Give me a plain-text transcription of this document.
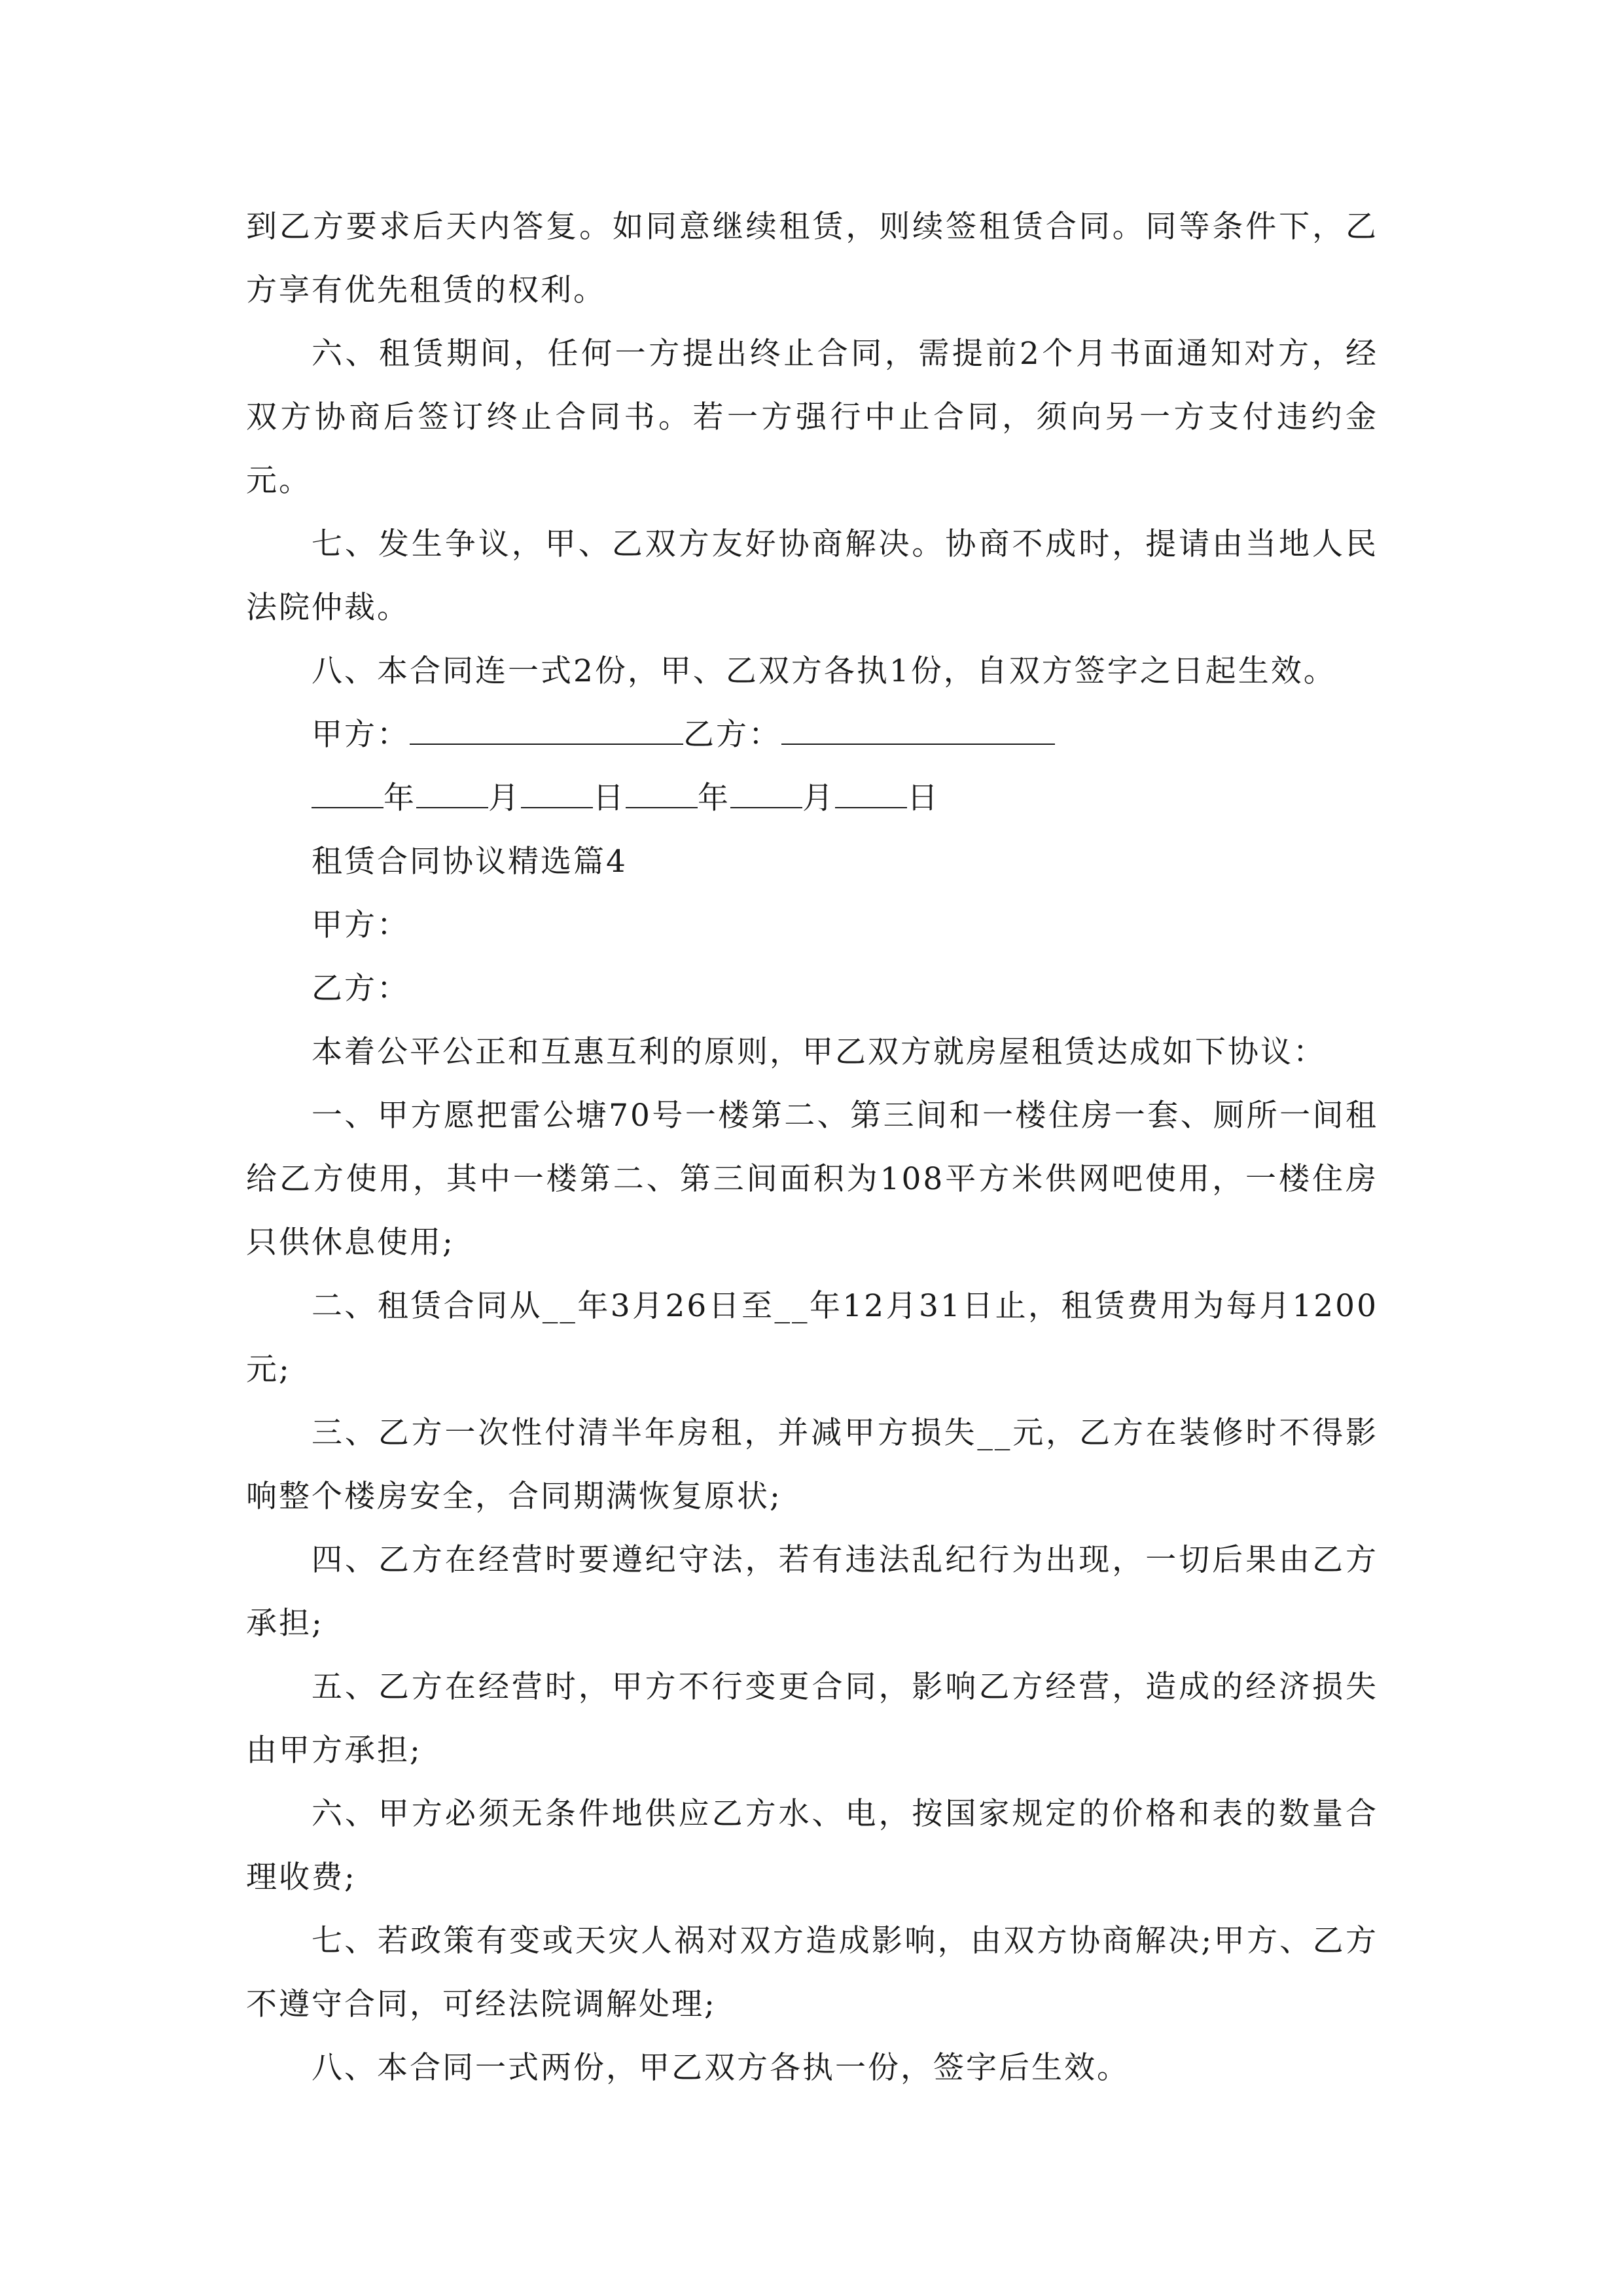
到乙方要求后天内答复。如同意继续租赁，则续签租赁合同。同等条件下，乙方享有优先租赁的权利。

六、租赁期间，任何一方提出终止合同，需提前2个月书面通知对方，经双方协商后签订终止合同书。若一方强行中止合同，须向另一方支付违约金元。

七、发生争议，甲、乙双方友好协商解决。协商不成时，提请由当地人民法院仲裁。

八、本合同连一式2份，甲、乙双方各执1份，自双方签字之日起生效。

甲方：	乙方：

年 月 日 年 月 日

租赁合同协议精选篇4

甲方：

乙方：

本着公平公正和互惠互利的原则，甲乙双方就房屋租赁达成如下协议：

一、甲方愿把雷公塘70号一楼第二、第三间和一楼住房一套、厕所一间租给乙方使用，其中一楼第二、第三间面积为108平方米供网吧使用，一楼住房只供休息使用;

二、租赁合同从__年3月26日至__年12月31日止，租赁费用为每月1200元;

三、乙方一次性付清半年房租，并减甲方损失__元，乙方在装修时不得影响整个楼房安全，合同期满恢复原状;

四、乙方在经营时要遵纪守法，若有违法乱纪行为出现，一切后果由乙方承担;

五、乙方在经营时，甲方不行变更合同，影响乙方经营，造成的经济损失由甲方承担;

六、甲方必须无条件地供应乙方水、电，按国家规定的价格和表的数量合理收费;

七、若政策有变或天灾人祸对双方造成影响，由双方协商解决;甲方、乙方不遵守合同，可经法院调解处理;

八、本合同一式两份，甲乙双方各执一份，签字后生效。
